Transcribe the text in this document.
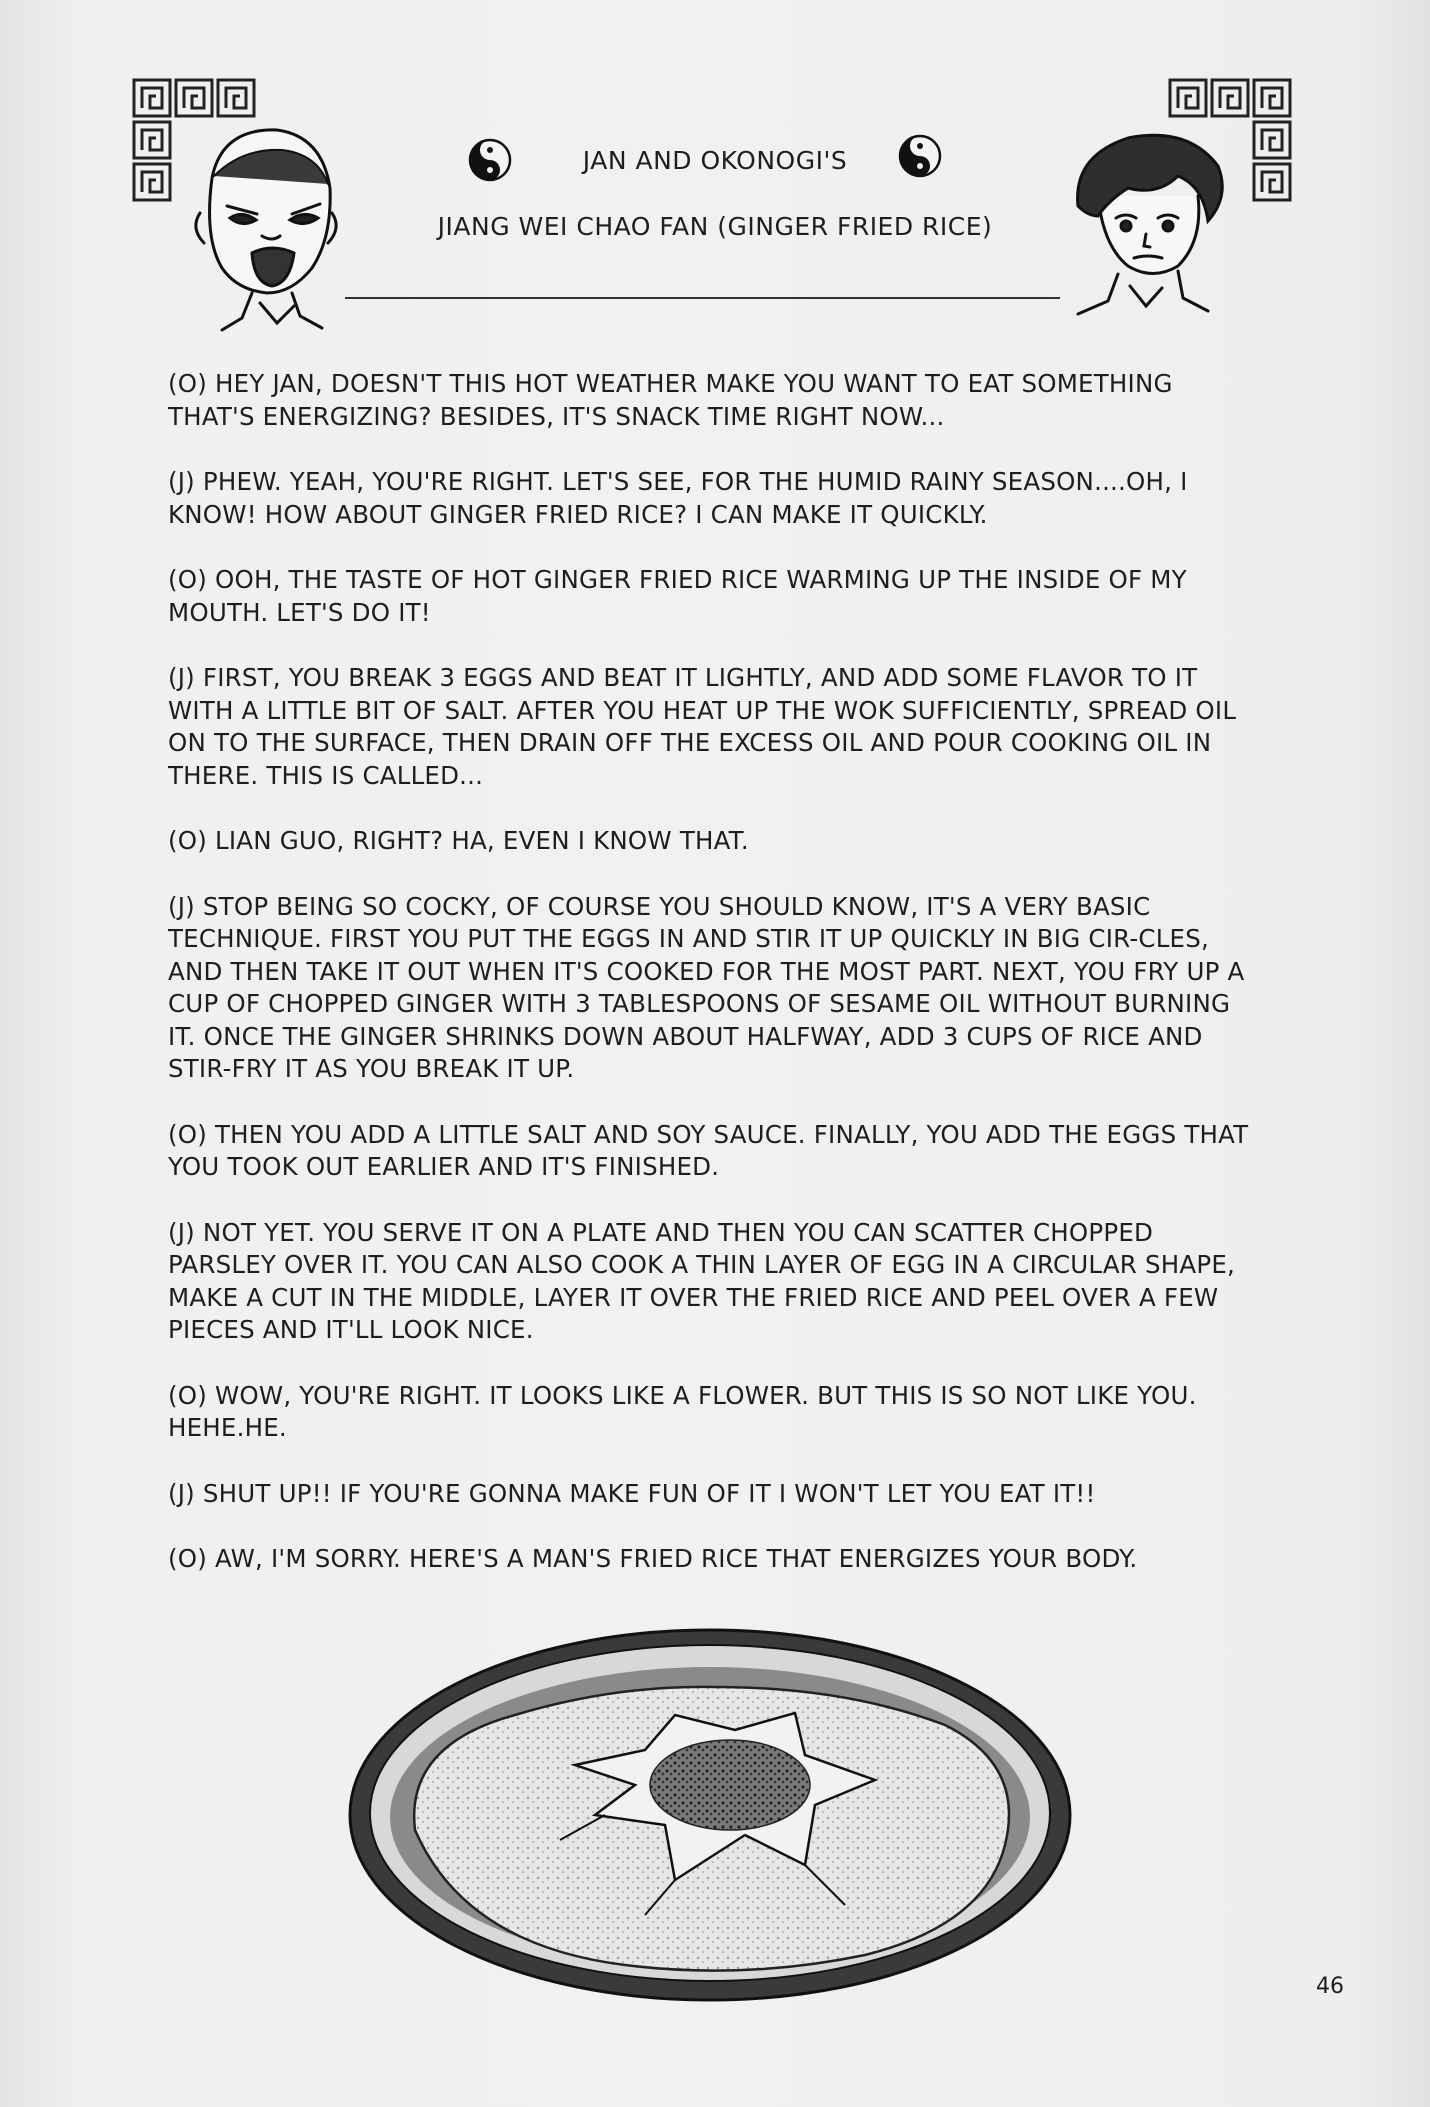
JAN AND OKONOGI'S
JIANG WEI CHAO FAN (GINGER FRIED RICE)

(O) HEY JAN, DOESN'T THIS HOT WEATHER MAKE YOU WANT TO EAT SOMETHING THAT'S ENERGIZING? BESIDES, IT'S SNACK TIME RIGHT NOW...

(J) PHEW. YEAH, YOU'RE RIGHT. LET'S SEE, FOR THE HUMID RAINY SEASON....OH, I KNOW! HOW ABOUT GINGER FRIED RICE? I CAN MAKE IT QUICKLY.

(O) OOH, THE TASTE OF HOT GINGER FRIED RICE WARMING UP THE INSIDE OF MY MOUTH. LET'S DO IT!

(J) FIRST, YOU BREAK 3 EGGS AND BEAT IT LIGHTLY, AND ADD SOME FLAVOR TO IT WITH A LITTLE BIT OF SALT. AFTER YOU HEAT UP THE WOK SUFFICIENTLY, SPREAD OIL ON TO THE SURFACE, THEN DRAIN OFF THE EXCESS OIL AND POUR COOKING OIL IN THERE. THIS IS CALLED...

(O) LIAN GUO, RIGHT? HA, EVEN I KNOW THAT.

(J) STOP BEING SO COCKY, OF COURSE YOU SHOULD KNOW, IT'S A VERY BASIC TECHNIQUE. FIRST YOU PUT THE EGGS IN AND STIR IT UP QUICKLY IN BIG CIR-CLES, AND THEN TAKE IT OUT WHEN IT'S COOKED FOR THE MOST PART. NEXT, YOU FRY UP A CUP OF CHOPPED GINGER WITH 3 TABLESPOONS OF SESAME OIL WITHOUT BURNING IT. ONCE THE GINGER SHRINKS DOWN ABOUT HALFWAY, ADD 3 CUPS OF RICE AND STIR-FRY IT AS YOU BREAK IT UP.

(O) THEN YOU ADD A LITTLE SALT AND SOY SAUCE. FINALLY, YOU ADD THE EGGS THAT YOU TOOK OUT EARLIER AND IT'S FINISHED.

(J) NOT YET. YOU SERVE IT ON A PLATE AND THEN YOU CAN SCATTER CHOPPED PARSLEY OVER IT. YOU CAN ALSO COOK A THIN LAYER OF EGG IN A CIRCULAR SHAPE, MAKE A CUT IN THE MIDDLE, LAYER IT OVER THE FRIED RICE AND PEEL OVER A FEW PIECES AND IT'LL LOOK NICE.

(O) WOW, YOU'RE RIGHT. IT LOOKS LIKE A FLOWER. BUT THIS IS SO NOT LIKE YOU. HEHE.HE.

(J) SHUT UP!! IF YOU'RE GONNA MAKE FUN OF IT I WON'T LET YOU EAT IT!!

(O) AW, I'M SORRY. HERE'S A MAN'S FRIED RICE THAT ENERGIZES YOUR BODY.

46
